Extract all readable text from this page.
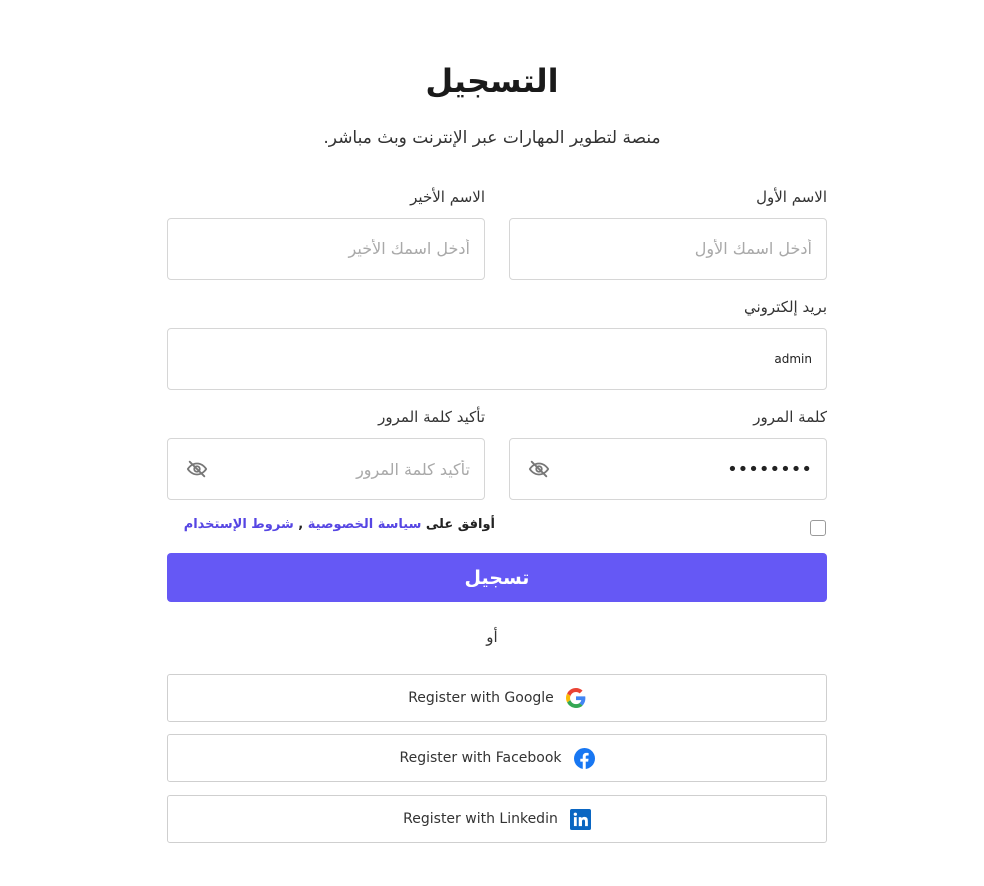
التسجيل

منصة لتطوير المهارات عبر الإنترنت وبث مباشر.

الاسم الأول
أدخل اسمك الأول
الاسم الأخير
أدخل اسمك الأخير
بريد إلكتروني
admin
كلمة المرور
••••••••
تأكيد كلمة المرور
تأكيد كلمة المرور
أوافق على سياسة الخصوصية , شروط الإستخدام
تسجيل
أو
Register with Google
Register with Facebook
Register with Linkedin
